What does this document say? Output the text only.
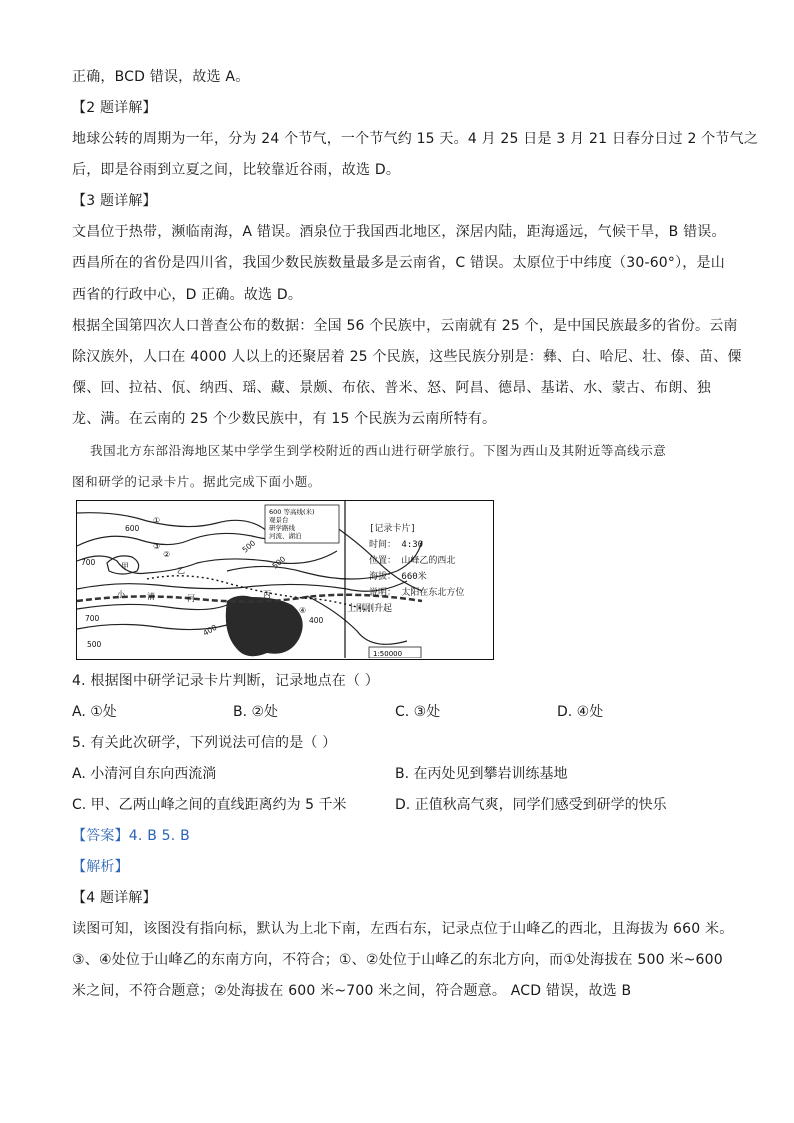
正确，BCD 错误，故选 A。
【2 题详解】
地球公转的周期为一年，分为 24 个节气，一个节气约 15 天。4 月 25 日是 3 月 21 日春分日过 2 个节气之
后，即是谷雨到立夏之间，比较靠近谷雨，故选 D。
【3 题详解】
文昌位于热带，濒临南海，A 错误。酒泉位于我国西北地区，深居内陆，距海遥远，气候干旱，B 错误。
西昌所在的省份是四川省，我国少数民族数量最多是云南省，C 错误。太原位于中纬度（30-60°），是山
西省的行政中心，D 正确。故选 D。
根据全国第四次人口普查公布的数据：全国 56 个民族中，云南就有 25 个，是中国民族最多的省份。云南
除汉族外，人口在 4000 人以上的还聚居着 25 个民族，这些民族分别是：彝、白、哈尼、壮、傣、苗、傈
僳、回、拉祜、佤、纳西、瑶、藏、景颇、布依、普米、怒、阿昌、德昂、基诺、水、蒙古、布朗、独
龙、满。在云南的 25 个少数民族中，有 15 个民族为云南所特有。
我国北方东部沿海地区某中学学生到学校附近的西山进行研学旅行。下图为西山及其附近等高线示意
图和研学的记录卡片。据此完成下面小题。
600 等高线(米)
观景台
研学路线
河流、湖泊
600
500
700
700
500
400
400
500
①
②
③
④
甲	乙
丙
小	清	河
1:50000
[记录卡片]
时间： 4:30
位置： 山峰乙的西北
海拔： 660米
说明： 太阳在东北方位
上刚刚升起
4. 根据图中研学记录卡片判断，记录地点在（ ）
A. ①处	B. ②处	C. ③处	D. ④处
5. 有关此次研学，下列说法可信的是（ ）
A. 小清河自东向西流淌	B. 在丙处见到攀岩训练基地
C. 甲、乙两山峰之间的直线距离约为 5 千米	D. 正值秋高气爽，同学们感受到研学的快乐
【答案】4. B 5. B
【解析】
【4 题详解】
读图可知，该图没有指向标，默认为上北下南，左西右东，记录点位于山峰乙的西北，且海拔为 660 米。
③、④处位于山峰乙的东南方向，不符合；①、②处位于山峰乙的东北方向，而①处海拔在 500 米~600
米之间，不符合题意；②处海拔在 600 米~700 米之间，符合题意。 ACD 错误，故选 B
